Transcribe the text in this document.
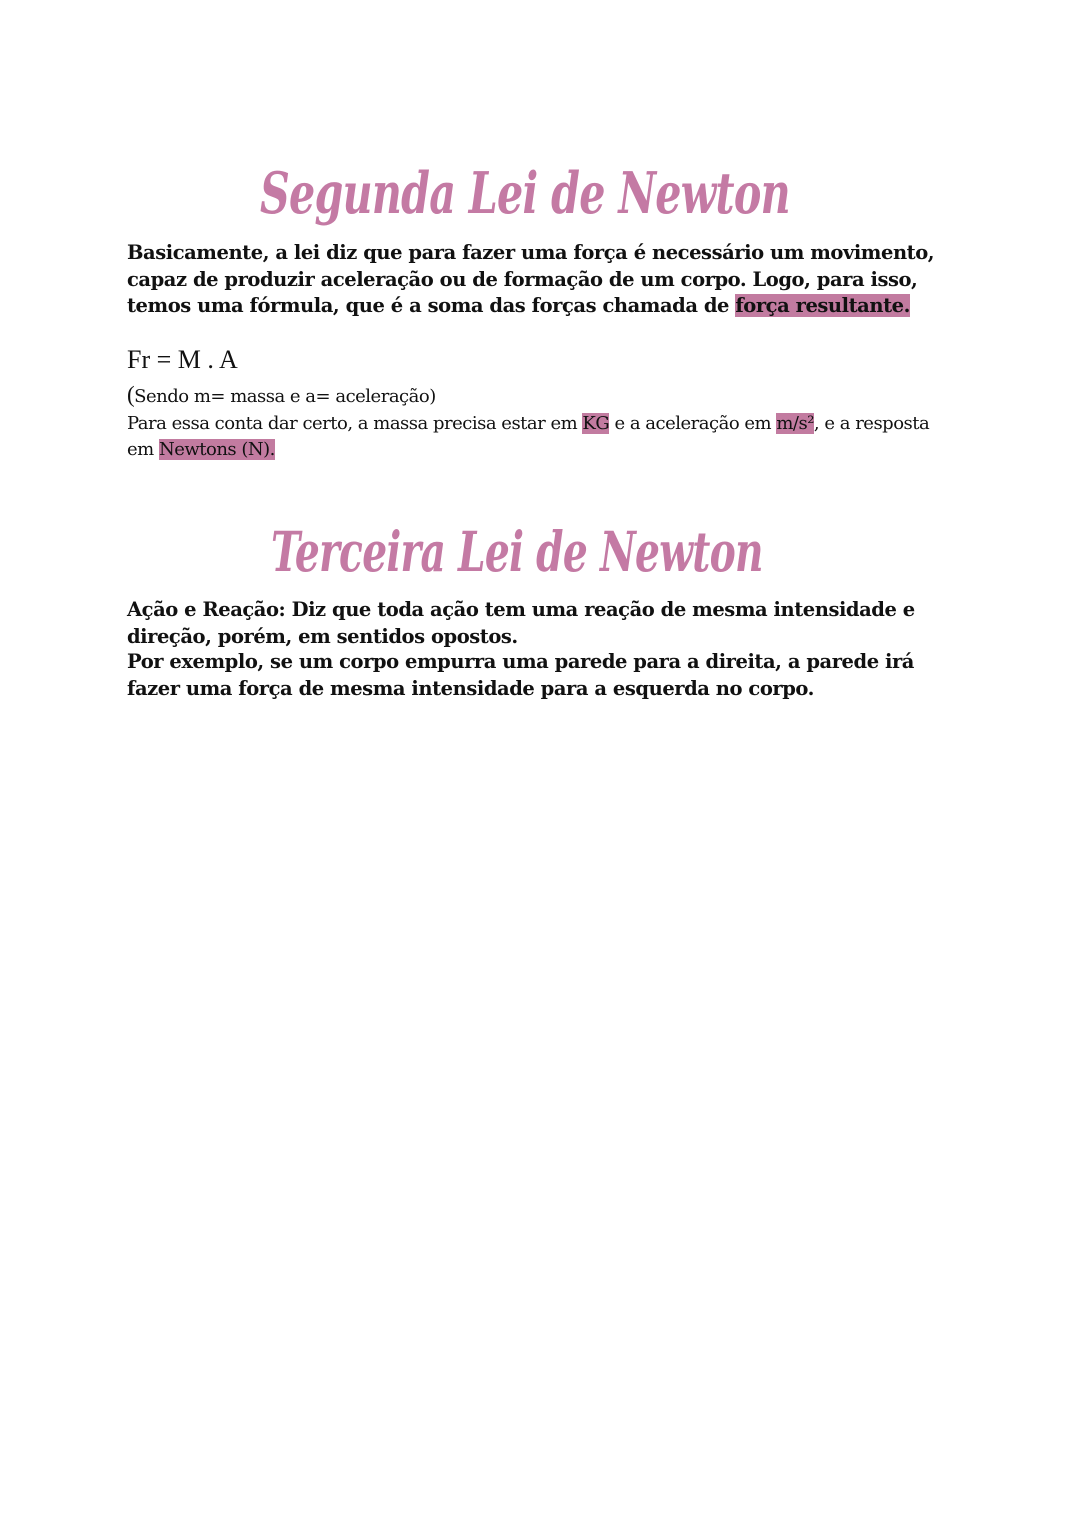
Segunda Lei de Newton

Basicamente, a lei diz que para fazer uma força é necessário um movimento,
capaz de produzir aceleração ou de formação de um corpo. Logo, para isso,
temos uma fórmula, que é a soma das forças chamada de força resultante.

Fr = M . A

(Sendo m= massa e a= aceleração)

Para essa conta dar certo, a massa precisa estar em KG e a aceleração em m/s², e a resposta
em Newtons (N).

Terceira Lei de Newton

Ação e Reação: Diz que toda ação tem uma reação de mesma intensidade e
direção, porém, em sentidos opostos.

Por exemplo, se um corpo empurra uma parede para a direita, a parede irá
fazer uma força de mesma intensidade para a esquerda no corpo.
